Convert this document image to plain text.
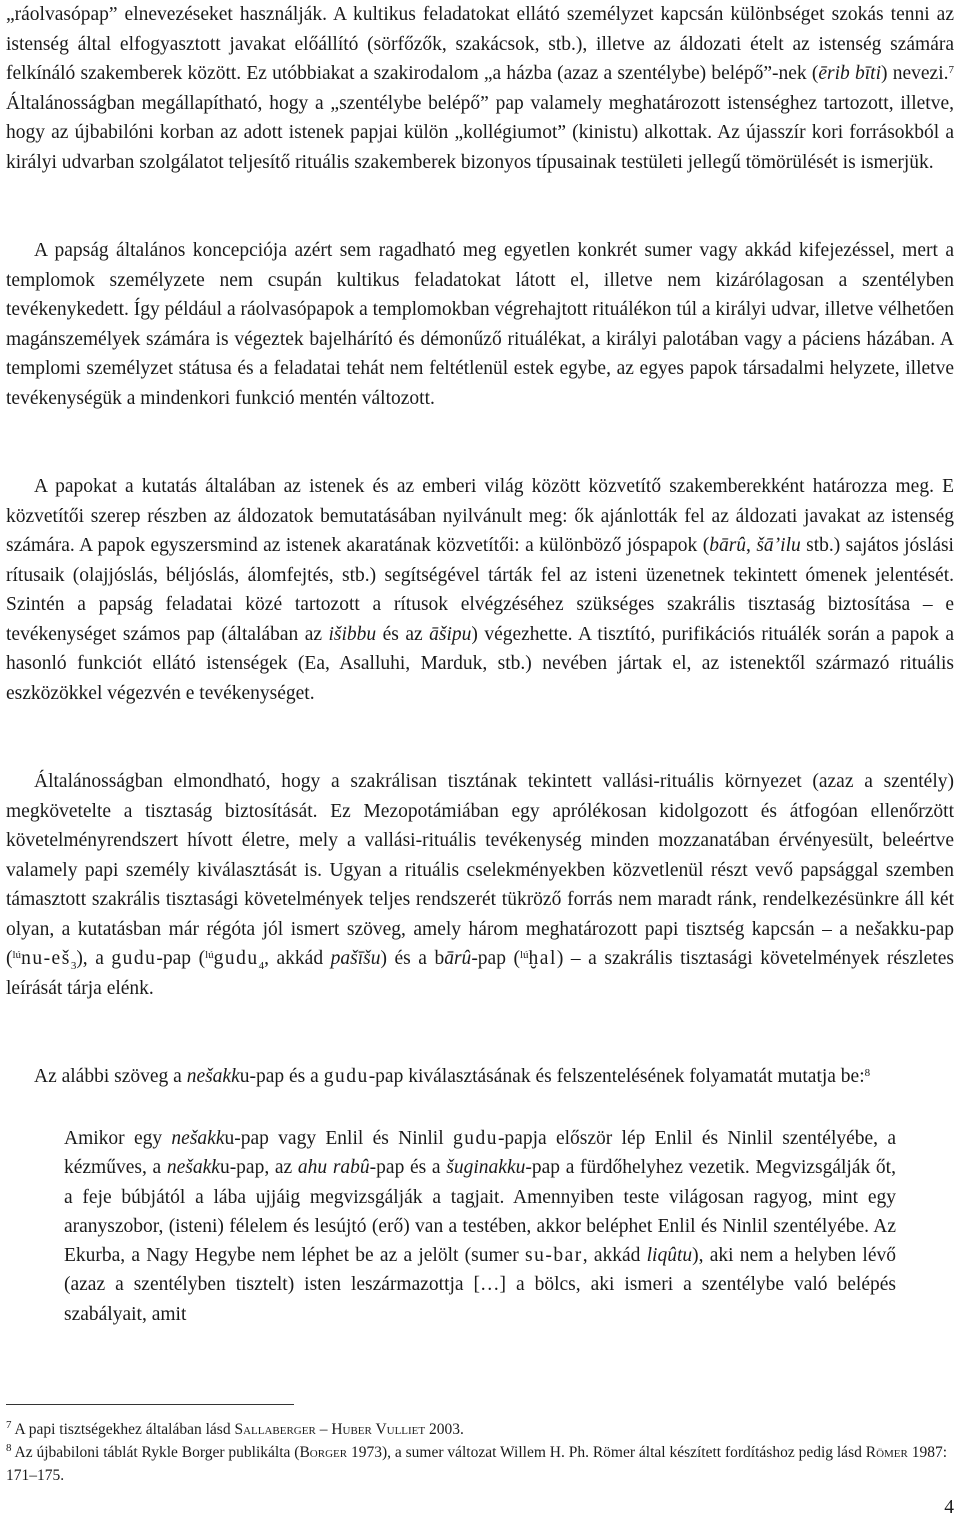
„ráolvasópap” elnevezéseket használják. A kultikus feladatokat ellátó személyzet kapcsán különbséget szokás tenni az istenség által elfogyasztott javakat előállító (sörfőzők, szakácsok, stb.), illetve az áldozati ételt az istenség számára felkínáló szakemberek között. Ez utóbbiakat a szakirodalom „a házba (azaz a szentélybe) belépő”-nek (ērib bīti) nevezi.$^7$ Általánosságban megállapítható, hogy a „szentélybe belépő” pap valamely meghatározott istenséghez tartozott, illetve, hogy az újbabilóni korban az adott istenek papjai külön „kollégiumot” (kinistu) alkottak. Az újasszír kori forrásokból a királyi udvarban szolgálatot teljesítő rituális szakemberek bizonyos típusainak testületi jellegű tömörülését is ismerjük.

A papság általános koncepciója azért sem ragadható meg egyetlen konkrét sumer vagy akkád kifejezéssel, mert a templomok személyzete nem csupán kultikus feladatokat látott el, illetve nem kizárólagosan a szentélyben tevékenykedett. Így például a ráolvasópapok a templomokban végrehajtott rituálékon túl a királyi udvar, illetve vélhetően magánszemélyek számára is végeztek bajelhárító és démonűző rituálékat, a királyi palotában vagy a páciens házában. A templomi személyzet státusa és a feladatai tehát nem feltétlenül estek egybe, az egyes papok társadalmi helyzete, illetve tevékenységük a mindenkori funkció mentén változott.

A papokat a kutatás általában az istenek és az emberi világ között közvetítő szakemberekként határozza meg. E közvetítői szerep részben az áldozatok bemutatásában nyilvánult meg: ők ajánlották fel az áldozati javakat az istenség számára. A papok egyszersmind az istenek akaratának közvetítői: a különböző jóspapok (bārû, šāʼilu stb.) sajátos jóslási rítusaik (olajjóslás, béljóslás, álomfejtés, stb.) segítségével tárták fel az isteni üzenetnek tekintett ómenek jelentését. Szintén a papság feladatai közé tartozott a rítusok elvégzéséhez szükséges szakrális tisztaság biztosítása – e tevékenységet számos pap (általában az išibbu és az āšipu) végezhette. A tisztító, purifikációs rituálék során a papok a hasonló funkciót ellátó istenségek (Ea, Asalluhi, Marduk, stb.) nevében jártak el, az istenektől származó rituális eszközökkel végezvén e tevékenységet.

Általánosságban elmondható, hogy a szakrálisan tisztának tekintett vallási-rituális környezet (azaz a szentély) megkövetelte a tisztaság biztosítását. Ez Mezopotámiában egy aprólékosan kidolgozott és átfogóan ellenőrzött követelményrendszert hívott életre, mely a vallási-rituális tevékenység minden mozzanatában érvényesült, beleértve valamely papi személy kiválasztását is. Ugyan a rituális cselekményekben közvetlenül részt vevő papsággal szemben támasztott szakrális tisztasági követelmények teljes rendszerét tükröző forrás nem maradt ránk, rendelkezésünkre áll két olyan, a kutatásban már régóta jól ismert szöveg, amely három meghatározott papi tisztség kapcsán – a nešakku-pap $(^{lú}nu-eš_3)$, a gudu-pap ($^{lú}$gudu$_4$, akkád pašīšu) és a bārû-pap ($^{lú}$ḫal) – a szakrális tisztasági követelmények részletes leírását tárja elénk.

Az alábbi szöveg a nešakku-pap és a gudu-pap kiválasztásának és felszentelésének folyamatát mutatja be:$^8$

Amikor egy nešakku-pap vagy Enlil és Ninlil gudu-papja először lép Enlil és Ninlil szentélyébe, a kézműves, a nešakku-pap, az ahu rabû-pap és a šuginakku-pap a fürdőhelyhez vezetik. Megvizsgálják őt, a feje búbjától a lába ujjáig megvizsgálják a tagjait. Amennyiben teste világosan ragyog, mint egy aranyszobor, (isteni) félelem és lesújtó (erő) van a testében, akkor beléphet Enlil és Ninlil szentélyébe. Az Ekurba, a Nagy Hegybe nem léphet be az a jelölt (sumer su-bar, akkád liqûtu), aki nem a helyben lévő (azaz a szentélyben tisztelt) isten leszármazottja […] a bölcs, aki ismeri a szentélybe való belépés szabályait, amit

$^7$ A papi tisztségekhez általában lásd Sallaberger – Huber Vulliet 2003.

$^8$ Az újbabiloni táblát Rykle Borger publikálta (Borger 1973), a sumer változat Willem H. Ph. Römer által készített fordításhoz pedig lásd Römer 1987: 171–175.

4
